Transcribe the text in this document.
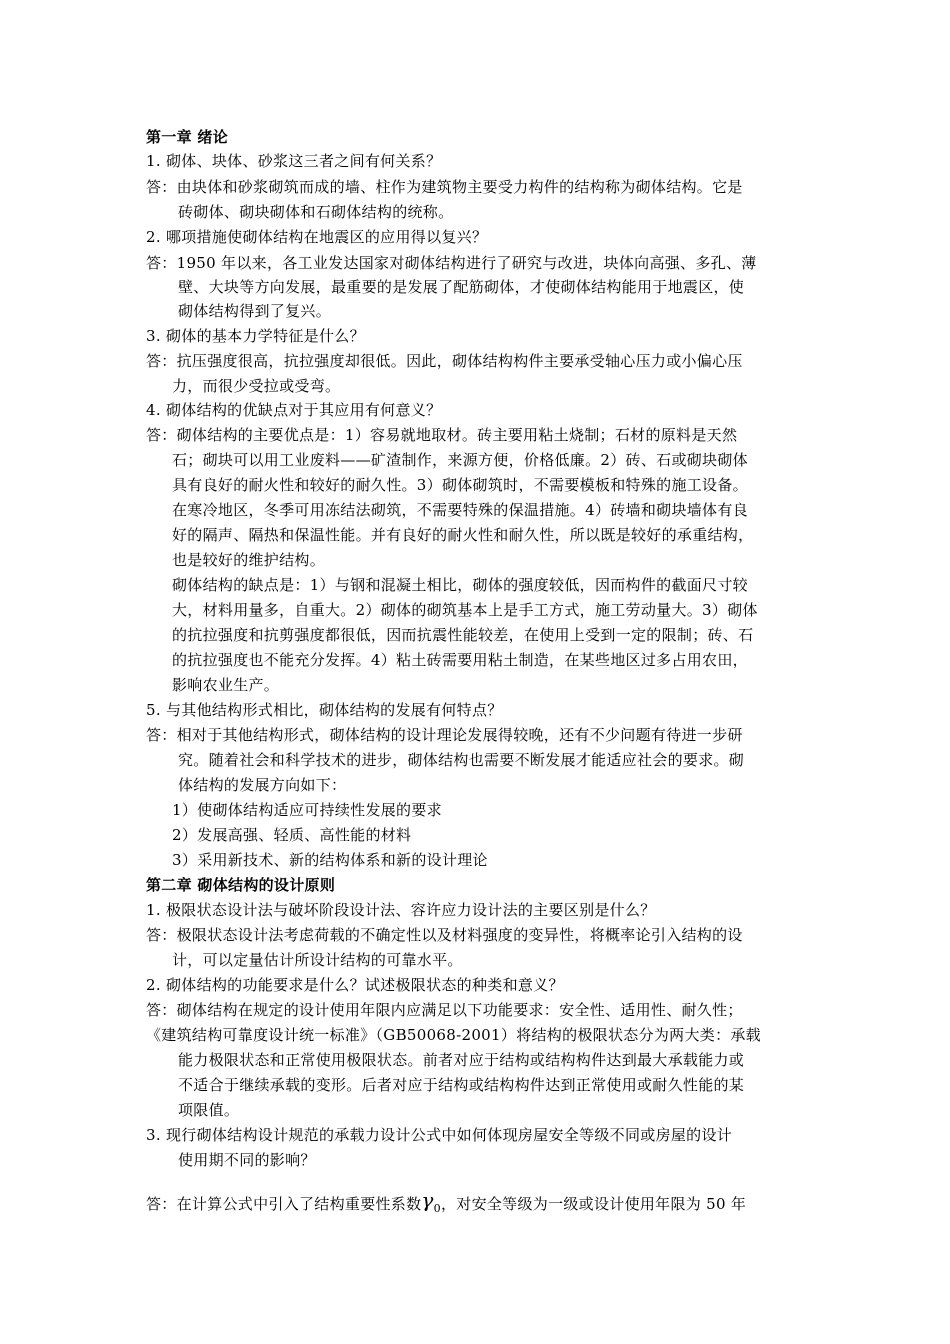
第一章 绪论
1. 砌体、块体、砂浆这三者之间有何关系？
答：由块体和砂浆砌筑而成的墙、柱作为建筑物主要受力构件的结构称为砌体结构。它是
砖砌体、砌块砌体和石砌体结构的统称。
2. 哪项措施使砌体结构在地震区的应用得以复兴？
答：1950 年以来，各工业发达国家对砌体结构进行了研究与改进，块体向高强、多孔、薄
壁、大块等方向发展，最重要的是发展了配筋砌体，才使砌体结构能用于地震区，使
砌体结构得到了复兴。
3. 砌体的基本力学特征是什么？
答：抗压强度很高，抗拉强度却很低。因此，砌体结构构件主要承受轴心压力或小偏心压
力，而很少受拉或受弯。
4. 砌体结构的优缺点对于其应用有何意义？
答：砌体结构的主要优点是：1）容易就地取材。砖主要用粘土烧制；石材的原料是天然
石；砌块可以用工业废料——矿渣制作，来源方便，价格低廉。2）砖、石或砌块砌体
具有良好的耐火性和较好的耐久性。3）砌体砌筑时，不需要模板和特殊的施工设备。
在寒冷地区，冬季可用冻结法砌筑，不需要特殊的保温措施。4）砖墙和砌块墙体有良
好的隔声、隔热和保温性能。并有良好的耐火性和耐久性，所以既是较好的承重结构，
也是较好的维护结构。
砌体结构的缺点是：1）与钢和混凝土相比，砌体的强度较低，因而构件的截面尺寸较
大，材料用量多，自重大。2）砌体的砌筑基本上是手工方式，施工劳动量大。3）砌体
的抗拉强度和抗剪强度都很低，因而抗震性能较差，在使用上受到一定的限制；砖、石
的抗拉强度也不能充分发挥。4）粘土砖需要用粘土制造，在某些地区过多占用农田，
影响农业生产。
5. 与其他结构形式相比，砌体结构的发展有何特点？
答：相对于其他结构形式，砌体结构的设计理论发展得较晚，还有不少问题有待进一步研
究。随着社会和科学技术的进步，砌体结构也需要不断发展才能适应社会的要求。砌
体结构的发展方向如下：
1）使砌体结构适应可持续性发展的要求
2）发展高强、轻质、高性能的材料
3）采用新技术、新的结构体系和新的设计理论
第二章 砌体结构的设计原则
1. 极限状态设计法与破坏阶段设计法、容许应力设计法的主要区别是什么？
答：极限状态设计法考虑荷载的不确定性以及材料强度的变异性，将概率论引入结构的设
计，可以定量估计所设计结构的可靠水平。
2. 砌体结构的功能要求是什么？试述极限状态的种类和意义？
答：砌体结构在规定的设计使用年限内应满足以下功能要求：安全性、适用性、耐久性；
《建筑结构可靠度设计统一标准》（GB50068-2001）将结构的极限状态分为两大类：承载
能力极限状态和正常使用极限状态。前者对应于结构或结构构件达到最大承载能力或
不适合于继续承载的变形。后者对应于结构或结构构件达到正常使用或耐久性能的某
项限值。
3. 现行砌体结构设计规范的承载力设计公式中如何体现房屋安全等级不同或房屋的设计
使用期不同的影响？
答：在计算公式中引入了结构重要性系数$\gamma_0$，对安全等级为一级或设计使用年限为 50 年
